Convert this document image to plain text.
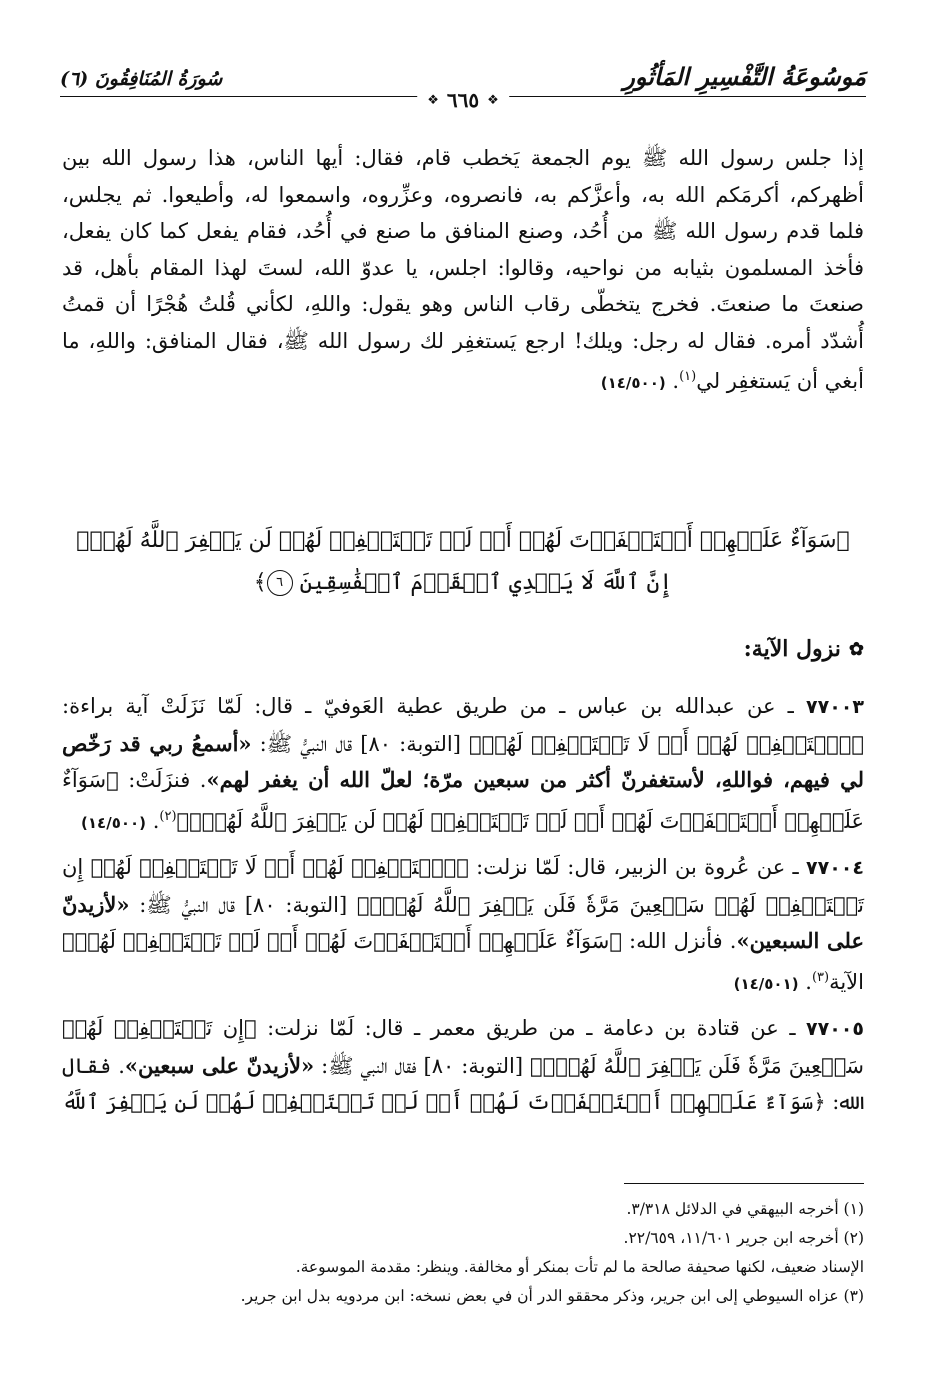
مَوسُوعَةُ التَّفْسِيرِ المَأثُورِ
سُورَةُ المُنَافِقُونَ (٦)
❖
٦٦٥
❖

إذا جلس رسول الله ﷺ يوم الجمعة يَخطب قام، فقال: أيها الناس، هذا رسول الله بين أظهركم، أكرمَكم الله به، وأعزَّكم به، فانصروه، وعزِّروه، واسمعوا له، وأطيعوا. ثم يجلس، فلما قدم رسول الله ﷺ من أُحُد، وصنع المنافق ما صنع في أُحُد، فقام يفعل كما كان يفعل، فأخذ المسلمون بثيابه من نواحيه، وقالوا: اجلس، يا عدوّ الله، لستَ لهذا المقام بأهل، قد صنعتَ ما صنعتَ. فخرج يتخطّى رقاب الناس وهو يقول: واللهِ، لكأني قُلتُ هُجْرًا أن قمتُ أُشدّد أمره. فقال له رجل: ويلك! ارجع يَستغفِر لك رسول الله ﷺ، فقال المنافق: واللهِ، ما أبغي أن يَستغفِر لي$^{(١)}$. (١٤/٥٠٠)

﴿سَوَآءٌ عَلَيۡهِمۡ أَسۡتَغۡفَرۡتَ لَهُمۡ أَمۡ لَمۡ تَسۡتَغۡفِرۡ لَهُمۡ لَن يَغۡفِرَ ٱللَّهُ لَهُمۡۚ
إِنَّ ٱللَّهَ لَا يَهۡدِي ٱلۡقَوۡمَ ٱلۡفَٰسِقِينَ ٦﴾
✿
نزول الآية:

٧٧٠٠٣ ـ عن عبدالله بن عباس ـ من طريق عطية العَوفيّ ـ قال: لَمّا نَزَلَتْ آية براءة: ﴿ٱسۡتَغۡفِرۡ لَهُمۡ أَوۡ لَا تَسۡتَغۡفِرۡ لَهُمۡ﴾ [التوبة: ٨٠] قال النبيُّ ﷺ: «أسمعُ ربي قد رَخّص لي فيهم، فواللهِ، لأستغفرنّ أكثر من سبعين مرّة؛ لعلّ الله أن يغفر لهم». فنزَلَتْ: ﴿سَوَآءٌ عَلَيۡهِمۡ أَسۡتَغۡفَرۡتَ لَهُمۡ أَمۡ لَمۡ تَسۡتَغۡفِرۡ لَهُمۡ لَن يَغۡفِرَ ٱللَّهُ لَهُمۡۚ﴾$^{(٢)}$. (١٤/٥٠٠)

٧٧٠٠٤ ـ عن عُروة بن الزبير، قال: لَمّا نزلت: ﴿ٱسۡتَغۡفِرۡ لَهُمۡ أَوۡ لَا تَسۡتَغۡفِرۡ لَهُمۡ إِن تَسۡتَغۡفِرۡ لَهُمۡ سَبۡعِينَ مَرَّةٗ فَلَن يَغۡفِرَ ٱللَّهُ لَهُمۡۚ﴾ [التوبة: ٨٠] قال النبيُّ ﷺ: «لأزيدنّ على السبعين». فأنزل الله: ﴿سَوَآءٌ عَلَيۡهِمۡ أَسۡتَغۡفَرۡتَ لَهُمۡ أَمۡ لَمۡ تَسۡتَغۡفِرۡ لَهُمۡ﴾ الآية$^{(٣)}$. (١٤/٥٠١)

٧٧٠٠٥ ـ عن قتادة بن دعامة ـ من طريق معمر ـ قال: لَمّا نزلت: ﴿إِن تَسۡتَغۡفِرۡ لَهُمۡ سَبۡعِينَ مَرَّةٗ فَلَن يَغۡفِرَ ٱللَّهُ لَهُمۡۚ﴾ [التوبة: ٨٠] فقال النبي ﷺ: «لأزيدنّ على سبعين». فقال الله: ﴿سَوَآءٌ عَلَيۡهِمۡ أَسۡتَغۡفَرۡتَ لَهُمۡ أَمۡ لَمۡ تَسۡتَغۡفِرۡ لَهُمۡ لَن يَغۡفِرَ ٱللَّهُ

(١) أخرجه البيهقي في الدلائل ٣/٣١٨.
(٢) أخرجه ابن جرير ١١/٦٠١، ٢٢/٦٥٩.
الإسناد ضعيف، لكنها صحيفة صالحة ما لم تأت بمنكر أو مخالفة. وينظر: مقدمة الموسوعة.
(٣) عزاه السيوطي إلى ابن جرير، وذكر محققو الدر أن في بعض نسخه: ابن مردويه بدل ابن جرير.
